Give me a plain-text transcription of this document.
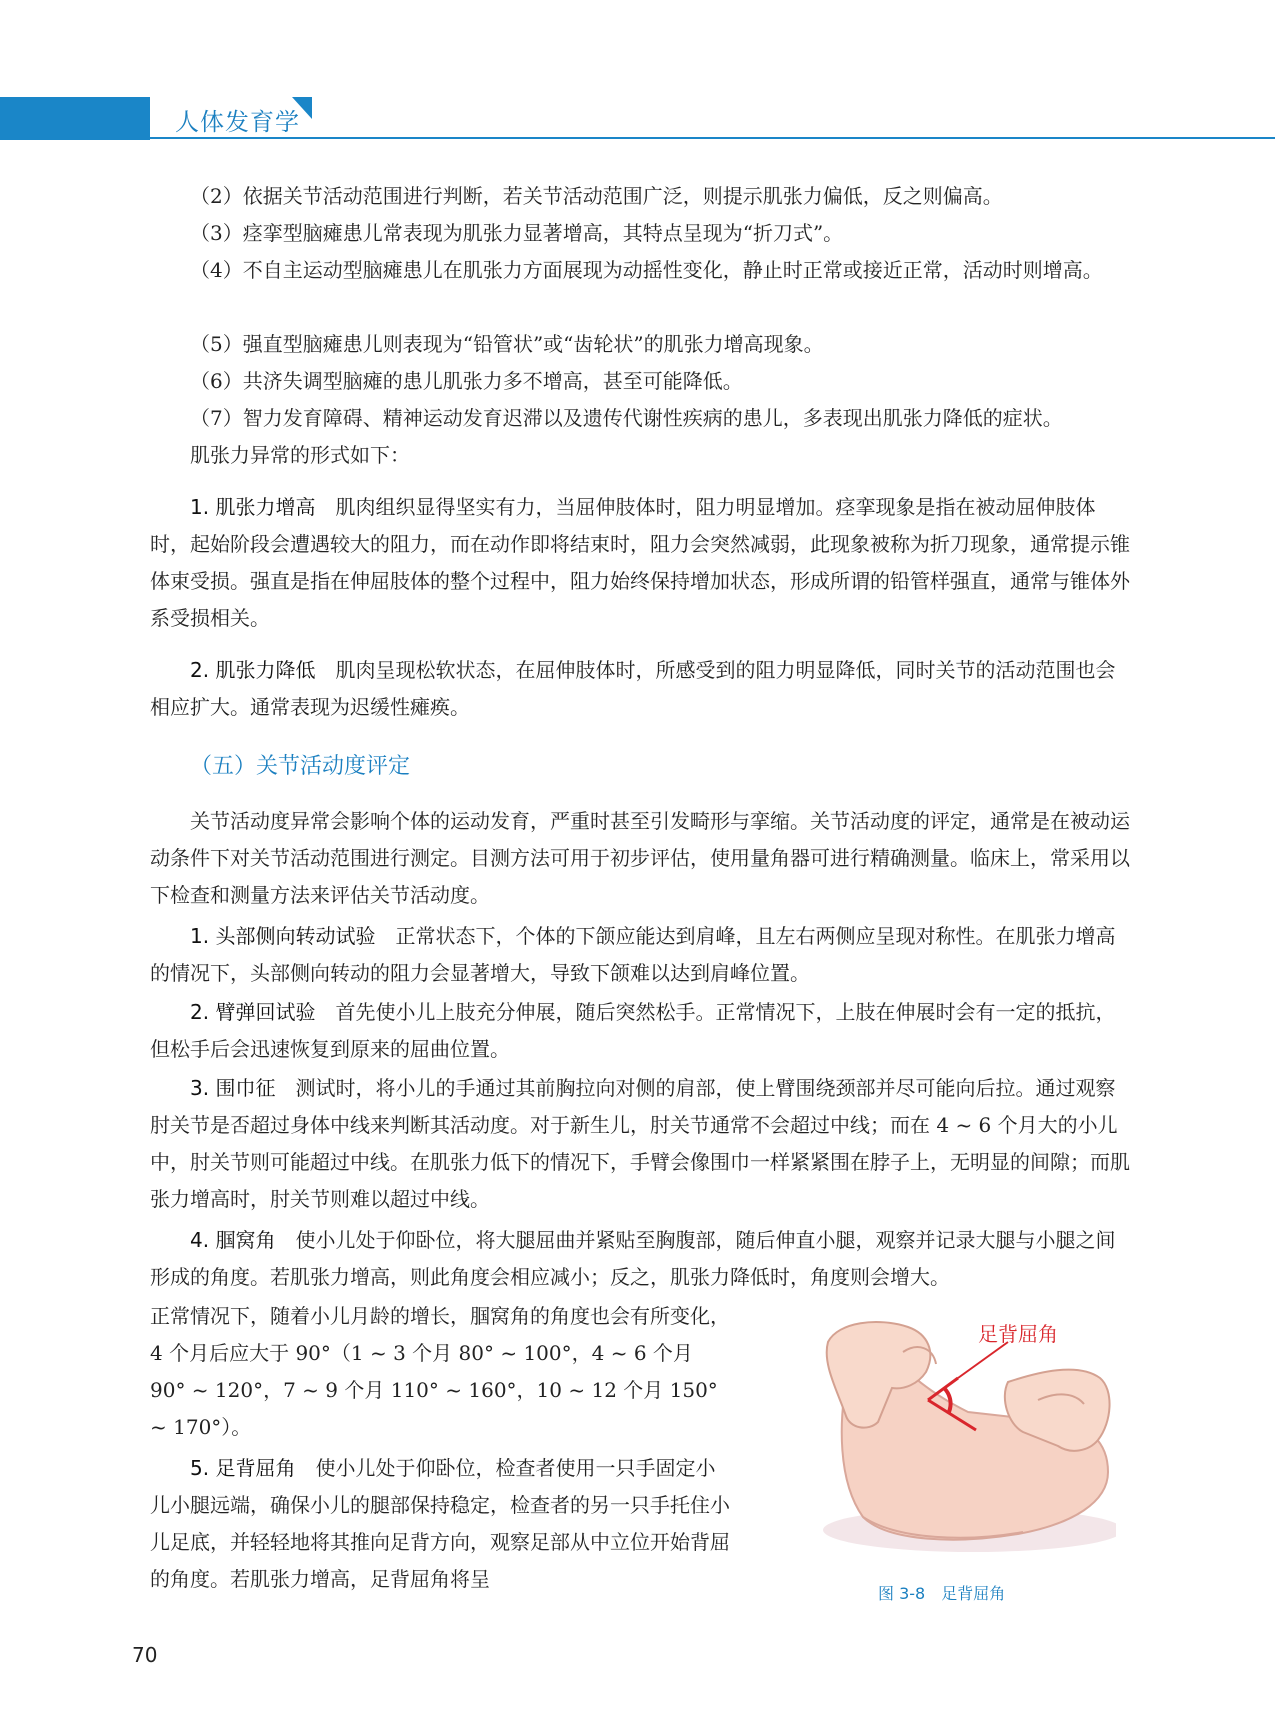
人体发育学

（2）依据关节活动范围进行判断，若关节活动范围广泛，则提示肌张力偏低，反之则偏高。

（3）痉挛型脑瘫患儿常表现为肌张力显著增高，其特点呈现为“折刀式”。

（4）不自主运动型脑瘫患儿在肌张力方面展现为动摇性变化，静止时正常或接近正常，活动时则增高。

（5）强直型脑瘫患儿则表现为“铅管状”或“齿轮状”的肌张力增高现象。

（6）共济失调型脑瘫的患儿肌张力多不增高，甚至可能降低。

（7）智力发育障碍、精神运动发育迟滞以及遗传代谢性疾病的患儿，多表现出肌张力降低的症状。

肌张力异常的形式如下：

1. 肌张力增高　 肌肉组织显得坚实有力，当屈伸肢体时，阻力明显增加。痉挛现象是指在被动屈伸肢体时，起始阶段会遭遇较大的阻力，而在动作即将结束时，阻力会突然减弱，此现象被称为折刀现象，通常提示锥体束受损。强直是指在伸屈肢体的整个过程中，阻力始终保持增加状态，形成所谓的铅管样强直，通常与锥体外系受损相关。

2. 肌张力降低　 肌肉呈现松软状态，在屈伸肢体时，所感受到的阻力明显降低，同时关节的活动范围也会相应扩大。通常表现为迟缓性瘫痪。

（五）关节活动度评定

关节活动度异常会影响个体的运动发育，严重时甚至引发畸形与挛缩。关节活动度的评定，通常是在被动运动条件下对关节活动范围进行测定。目测方法可用于初步评估，使用量角器可进行精确测量。临床上，常采用以下检查和测量方法来评估关节活动度。

1. 头部侧向转动试验　 正常状态下，个体的下颌应能达到肩峰，且左右两侧应呈现对称性。在肌张力增高的情况下，头部侧向转动的阻力会显著增大，导致下颌难以达到肩峰位置。

2. 臂弹回试验　 首先使小儿上肢充分伸展，随后突然松手。正常情况下，上肢在伸展时会有一定的抵抗，但松手后会迅速恢复到原来的屈曲位置。

3. 围巾征　 测试时，将小儿的手通过其前胸拉向对侧的肩部，使上臂围绕颈部并尽可能向后拉。通过观察肘关节是否超过身体中线来判断其活动度。对于新生儿，肘关节通常不会超过中线；而在 4 ~ 6 个月大的小儿中，肘关节则可能超过中线。在肌张力低下的情况下，手臂会像围巾一样紧紧围在脖子上，无明显的间隙；而肌张力增高时，肘关节则难以超过中线。

4. 腘窝角　 使小儿处于仰卧位，将大腿屈曲并紧贴至胸腹部，随后伸直小腿，观察并记录大腿与小腿之间形成的角度。若肌张力增高，则此角度会相应减小；反之，肌张力降低时，角度则会增大。

正常情况下，随着小儿月龄的增长，腘窝角的角度也会有所变化，4 个月后应大于 90°（1 ~ 3 个月 80° ~ 100°，4 ~ 6 个月 90° ~ 120°，7 ~ 9 个月 110° ~ 160°，10 ~ 12 个月 150° ~ 170°）。

5. 足背屈角　 使小儿处于仰卧位，检查者使用一只手固定小儿小腿远端，确保小儿的腿部保持稳定，检查者的另一只手托住小儿足底，并轻轻地将其推向足背方向，观察足部从中立位开始背屈的角度。若肌张力增高，足背屈角将呈

足背屈角
图 3-8　足背屈角
70
